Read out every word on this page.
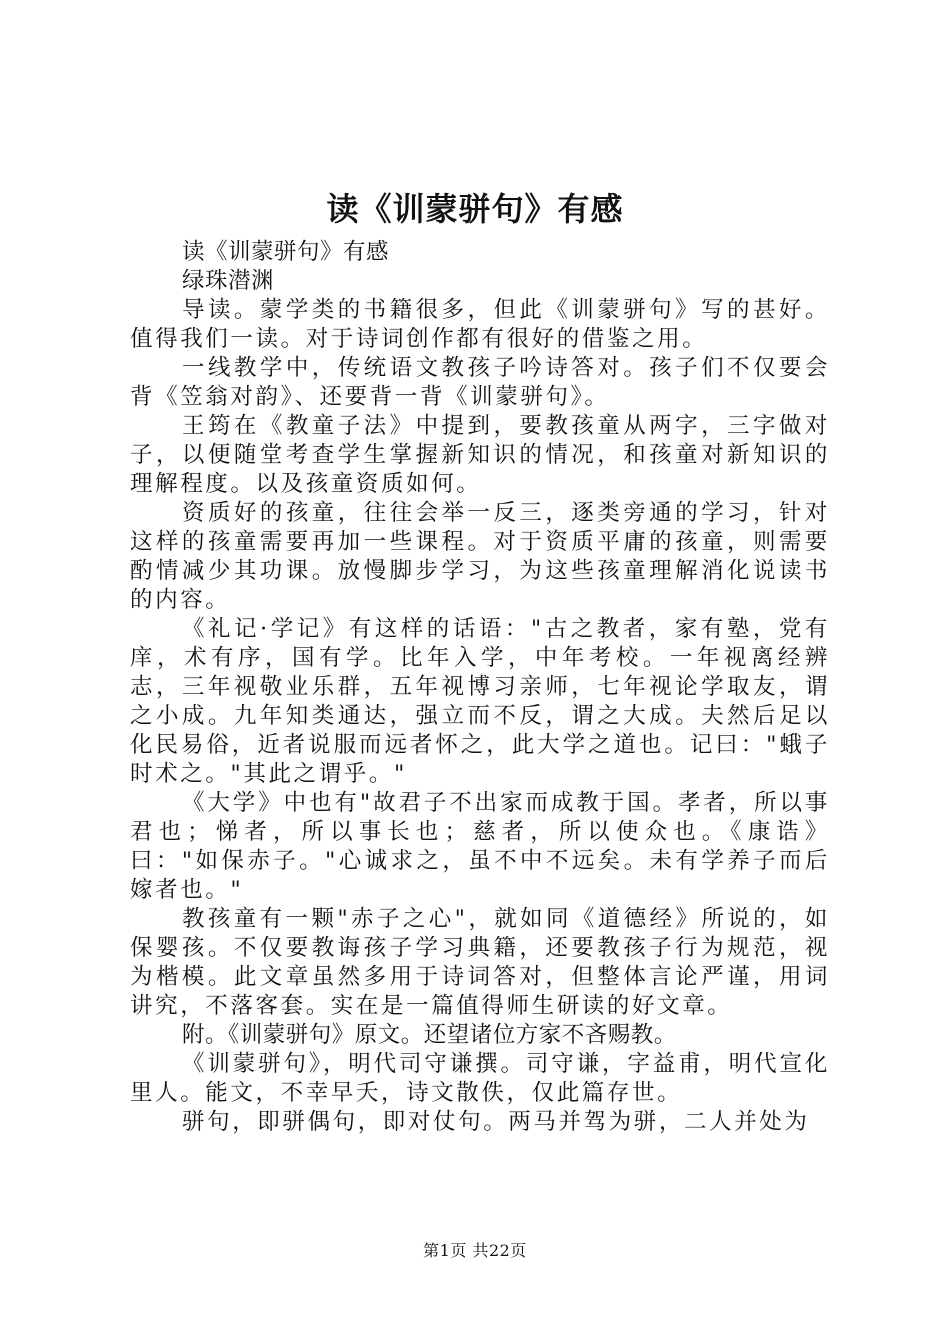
读《训蒙骈句》有感

读《训蒙骈句》有感

绿珠潜渊

导读。蒙学类的书籍很多，但此《训蒙骈句》写的甚好。值得我们一读。对于诗词创作都有很好的借鉴之用。

一线教学中，传统语文教孩子吟诗答对。孩子们不仅要会背《笠翁对韵》、还要背一背《训蒙骈句》。

王筠在《教童子法》中提到，要教孩童从两字，三字做对子，以便随堂考查学生掌握新知识的情况，和孩童对新知识的理解程度。以及孩童资质如何。

资质好的孩童，往往会举一反三，逐类旁通的学习，针对这样的孩童需要再加一些课程。对于资质平庸的孩童，则需要酌情减少其功课。放慢脚步学习，为这些孩童理解消化说读书的内容。

《礼记·学记》有这样的话语："古之教者，家有塾，党有庠，术有序，国有学。比年入学，中年考校。一年视离经辨志，三年视敬业乐群，五年视博习亲师，七年视论学取友，谓之小成。九年知类通达，强立而不反，谓之大成。夫然后足以化民易俗，近者说服而远者怀之，此大学之道也。记曰："蛾子时术之。"其此之谓乎。"

《大学》中也有"故君子不出家而成教于国。孝者，所以事君也；悌者，所以事长也；慈者，所以使众也。《康诰》曰："如保赤子。"心诚求之，虽不中不远矣。未有学养子而后嫁者也。"

教孩童有一颗"赤子之心"，就如同《道德经》所说的，如保婴孩。不仅要教诲孩子学习典籍，还要教孩子行为规范，视为楷模。此文章虽然多用于诗词答对，但整体言论严谨，用词讲究，不落客套。实在是一篇值得师生研读的好文章。

附。《训蒙骈句》原文。还望诸位方家不吝赐教。

《训蒙骈句》，明代司守谦撰。司守谦，字益甫，明代宣化里人。能文，不幸早夭，诗文散佚，仅此篇存世。

骈句，即骈偶句，即对仗句。两马并驾为骈，二人并处为

第1页 共22页
